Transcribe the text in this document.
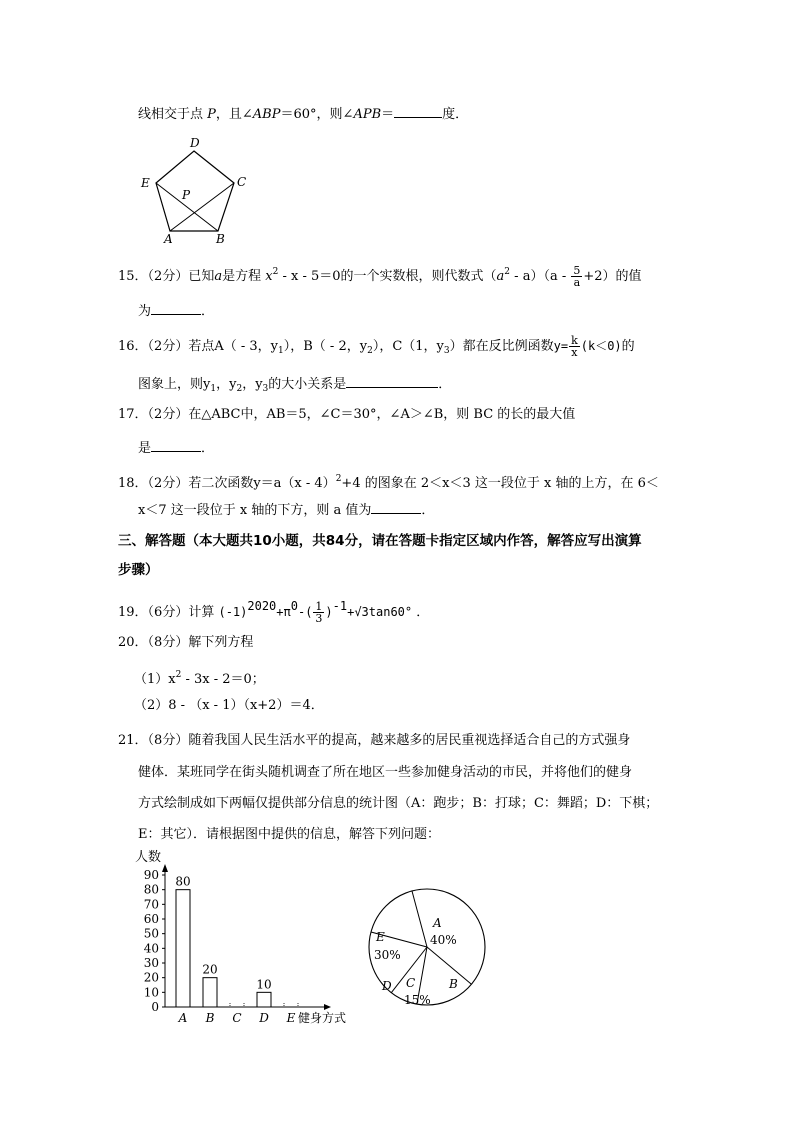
线相交于点 P，且∠ABP＝60°，则∠APB＝	度．
D
C
E
P
A	B
15．（2分）已知a是方程 $x^2 - x - 5=0$的一个实数根，则代数式$(a^2 - a)(a - \frac{5}{a} +2)$的值
为	．
16．（2分）若点A（ - 3，$y_1$），B（ - 2，$y_2$），C（1，$y_3$）都在反比例函数$y= \frac{k}{x} (k<0)$的
图象上，则$y_1$，$y_2$，$y_3$的大小关系是	．
17．（2分）在△ABC中，AB＝5，∠C＝30°，∠A＞∠B，则 BC 的长的最大值
是	．
18．（2分）若二次函数y＝a（x - 4）$^2$+4 的图象在 2＜x＜3 这一段位于 x 轴的上方，在 6＜
x＜7 这一段位于 x 轴的下方，则 a 值为	．
三、解答题（本大题共10小题，共84分，请在答题卡指定区域内作答，解答应写出演算
步骤）
19．（6分）计算 $(-1)^{2020}+\pi^0-( \frac{1}{3} )^{-1}+√3\tan 60^\circ$ ．
20．（8分）解下列方程
$(1)x^2 - 3x - 2=0$；
（2）8 - （x - 1）（x+2）＝4．
21．（8分）随着我国人民生活水平的提高，越来越多的居民重视选择适合自己的方式强身
健体．某班同学在街头随机调查了所在地区一些参加健身活动的市民，并将他们的健身
方式绘制成如下两幅仅提供部分信息的统计图（A：跑步；B：打球；C：舞蹈；D：下棋；
E：其它）．请根据图中提供的信息，解答下列问题：
人数
0
10
20
30
40
50
60
70
80
90 80
A
20
B C
10
D E 健身方式
A
40%
B
C
15%
D
E
30%
